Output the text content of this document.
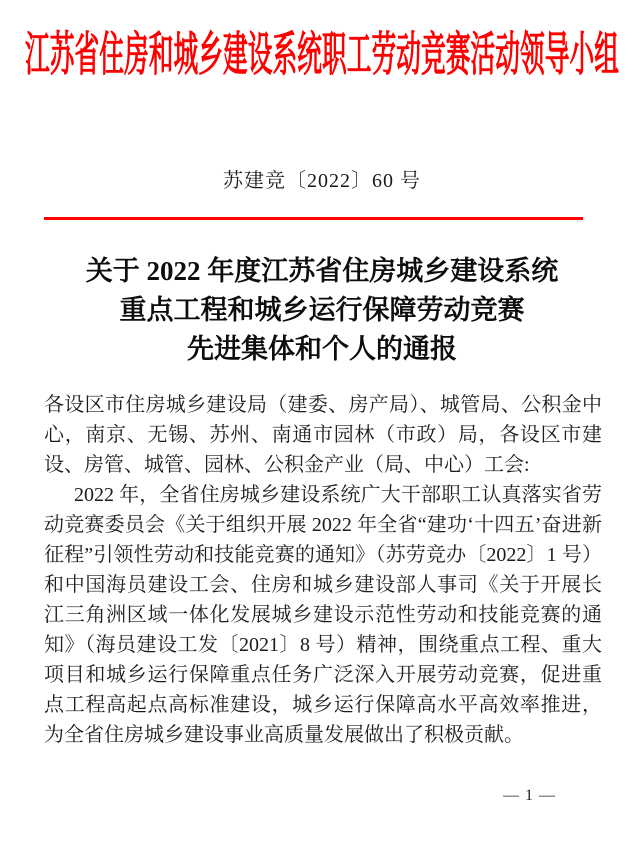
江苏省住房和城乡建设系统职工劳动竞赛活动领导小组
苏建竞〔2022〕60 号
关于 2022 年度江苏省住房城乡建设系统
重点工程和城乡运行保障劳动竞赛
先进集体和个人的通报

各设区市住房城乡建设局（建委、房产局）、城管局、公积金中心，南京、无锡、苏州、南通市园林（市政）局，各设区市建设、房管、城管、园林、公积金产业（局、中心）工会:

2022 年，全省住房城乡建设系统广大干部职工认真落实省劳动竞赛委员会《关于组织开展 2022 年全省“建功‘十四五’奋进新征程”引领性劳动和技能竞赛的通知》（苏劳竞办〔2022〕1 号）和中国海员建设工会、住房和城乡建设部人事司《关于开展长江三角洲区域一体化发展城乡建设示范性劳动和技能竞赛的通知》（海员建设工发〔2021〕8 号）精神，围绕重点工程、重大项目和城乡运行保障重点任务广泛深入开展劳动竞赛，促进重点工程高起点高标准建设，城乡运行保障高水平高效率推进，为全省住房城乡建设事业高质量发展做出了积极贡献。

— 1 —
